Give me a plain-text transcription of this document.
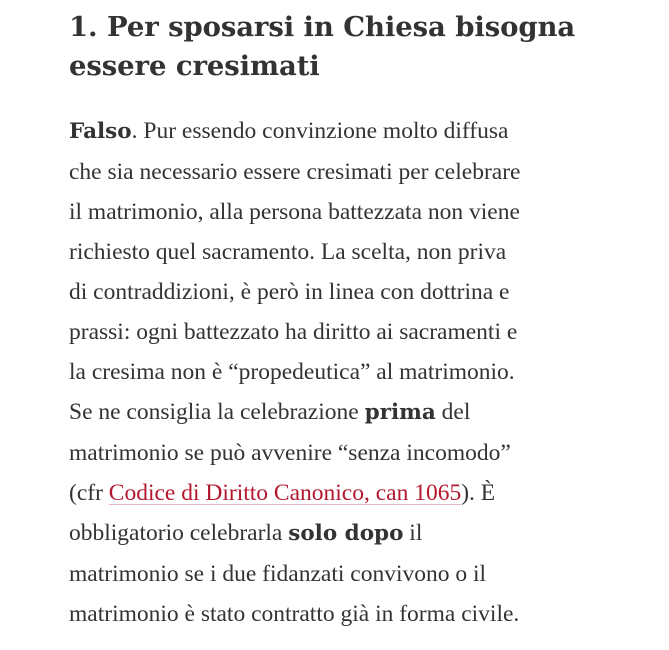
1. Per sposarsi in Chiesa bisogna
essere cresimati

Falso. Pur essendo convinzione molto diffusa
che sia necessario essere cresimati per celebrare
il matrimonio, alla persona battezzata non viene
richiesto quel sacramento. La scelta, non priva
di contraddizioni, è però in linea con dottrina e
prassi: ogni battezzato ha diritto ai sacramenti e
la cresima non è “propedeutica” al matrimonio.
Se ne consiglia la celebrazione prima del
matrimonio se può avvenire “senza incomodo”
(cfr Codice di Diritto Canonico, can 1065). È
obbligatorio celebrarla solo dopo il
matrimonio se i due fidanzati convivono o il
matrimonio è stato contratto già in forma civile.
